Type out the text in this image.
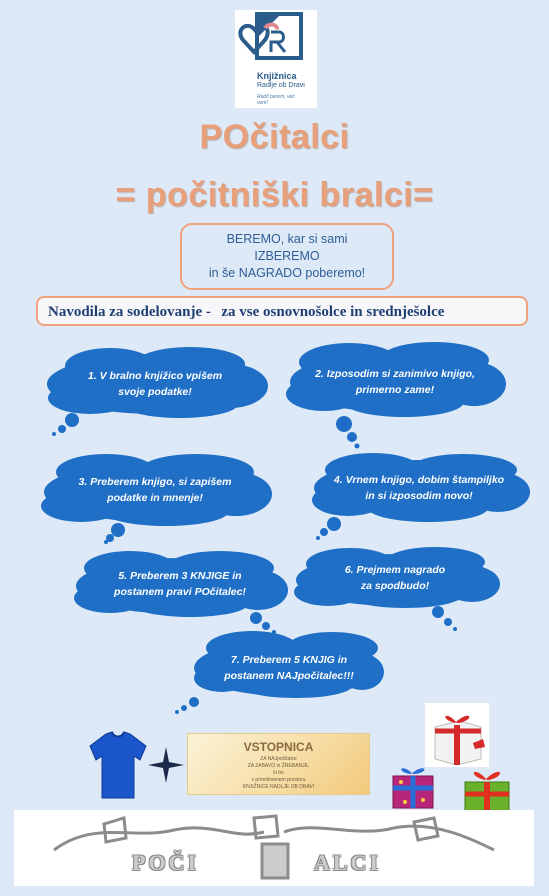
Knjižnica
Radlje ob Dravi
Rad/i berem, več vem!
POčitalci
= počitniški bralci=
BEREMO, kar si sami
IZBEREMO
in še NAGRADO poberemo!
Navodila za sodelovanje - za vse osnovnošolce in srednješolce
1. V bralno knjižico vpišem
svoje podatke!
2. Izposodim si zanimivo knjigo,
primerno zame!
3. Preberem knjigo, si zapišem
podatke in mnenje!
4. Vrnem knjigo, dobim štampiljko
in si izposodim novo!
5. Preberem 3 KNJIGE in
postanem pravi POčitalec!
6. Prejmem nagrado
za spodbudo!
7. Preberem 5 KNJIG in
postanem NAJpočitalec!!!
VSTOPNICA
ZA NAJpočitalce
ZA ZABAVO in ŽREBANJE,
ki bo
v prireditvenem prostoru
KNJIŽNICE RADLJE OB DRAVI
POČI	ALCI
